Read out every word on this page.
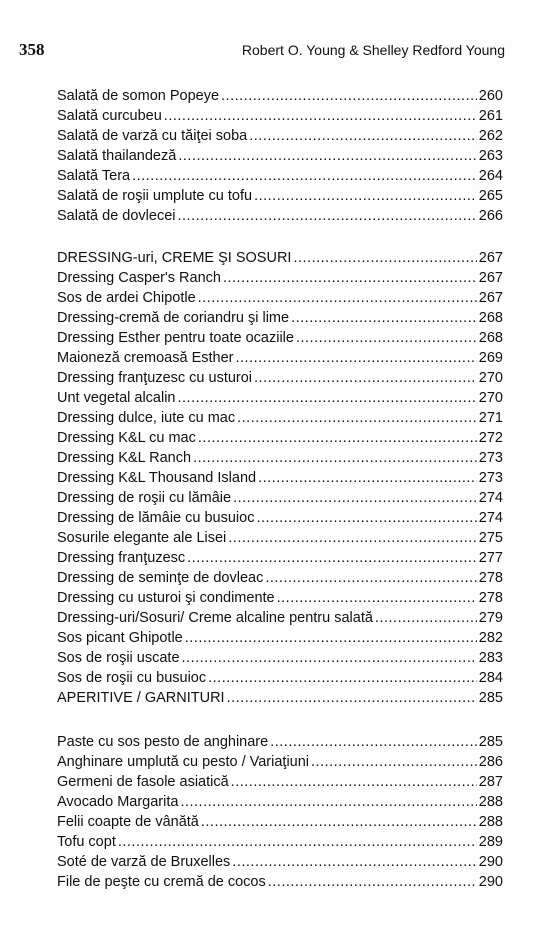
358	Robert O. Young & Shelley Redford Young
Salată de somon Popeye .....	260
Salată curcubeu .....	261
Salată de varză cu tăiţei soba .....	262
Salată thailandeză .....	263
Salată Tera .....	264
Salată de roşii umplute cu tofu .....	265
Salată de dovlecei .....	266
DRESSING-uri, CREME ŞI SOSURI .....	267
Dressing Casper's Ranch .....	267
Sos de ardei Chipotle .....	267
Dressing-cremă de coriandru şi lime .....	268
Dressing Esther pentru toate ocaziile .....	268
Maioneză cremoasă Esther .....	269
Dressing franţuzesc cu usturoi .....	270
Unt vegetal alcalin .....	270
Dressing dulce, iute cu mac .....	271
Dressing K&L cu mac .....	272
Dressing K&L Ranch .....	273
Dressing K&L Thousand Island .....	273
Dressing de roşii cu lămâie .....	274
Dressing de lămâie cu busuioc .....	274
Sosurile elegante ale Lisei .....	275
Dressing franţuzesc .....	277
Dressing de seminţe de dovleac .....	278
Dressing cu usturoi şi condimente .....	278
Dressing-uri/Sosuri/ Creme alcaline pentru salată .....	279
Sos picant Ghipotle .....	282
Sos de roşii uscate .....	283
Sos de roşii cu busuioc .....	284
APERITIVE / GARNITURI .....	285
Paste cu sos pesto de anghinare .....	285
Anghinare umplută cu pesto / Variaţiuni .....	286
Germeni de fasole asiatică .....	287
Avocado Margarita .....	288
Felii coapte de vânătă .....	288
Tofu copt .....	289
Soté de varză de Bruxelles .....	290
File de peşte cu cremă de cocos .....	290
